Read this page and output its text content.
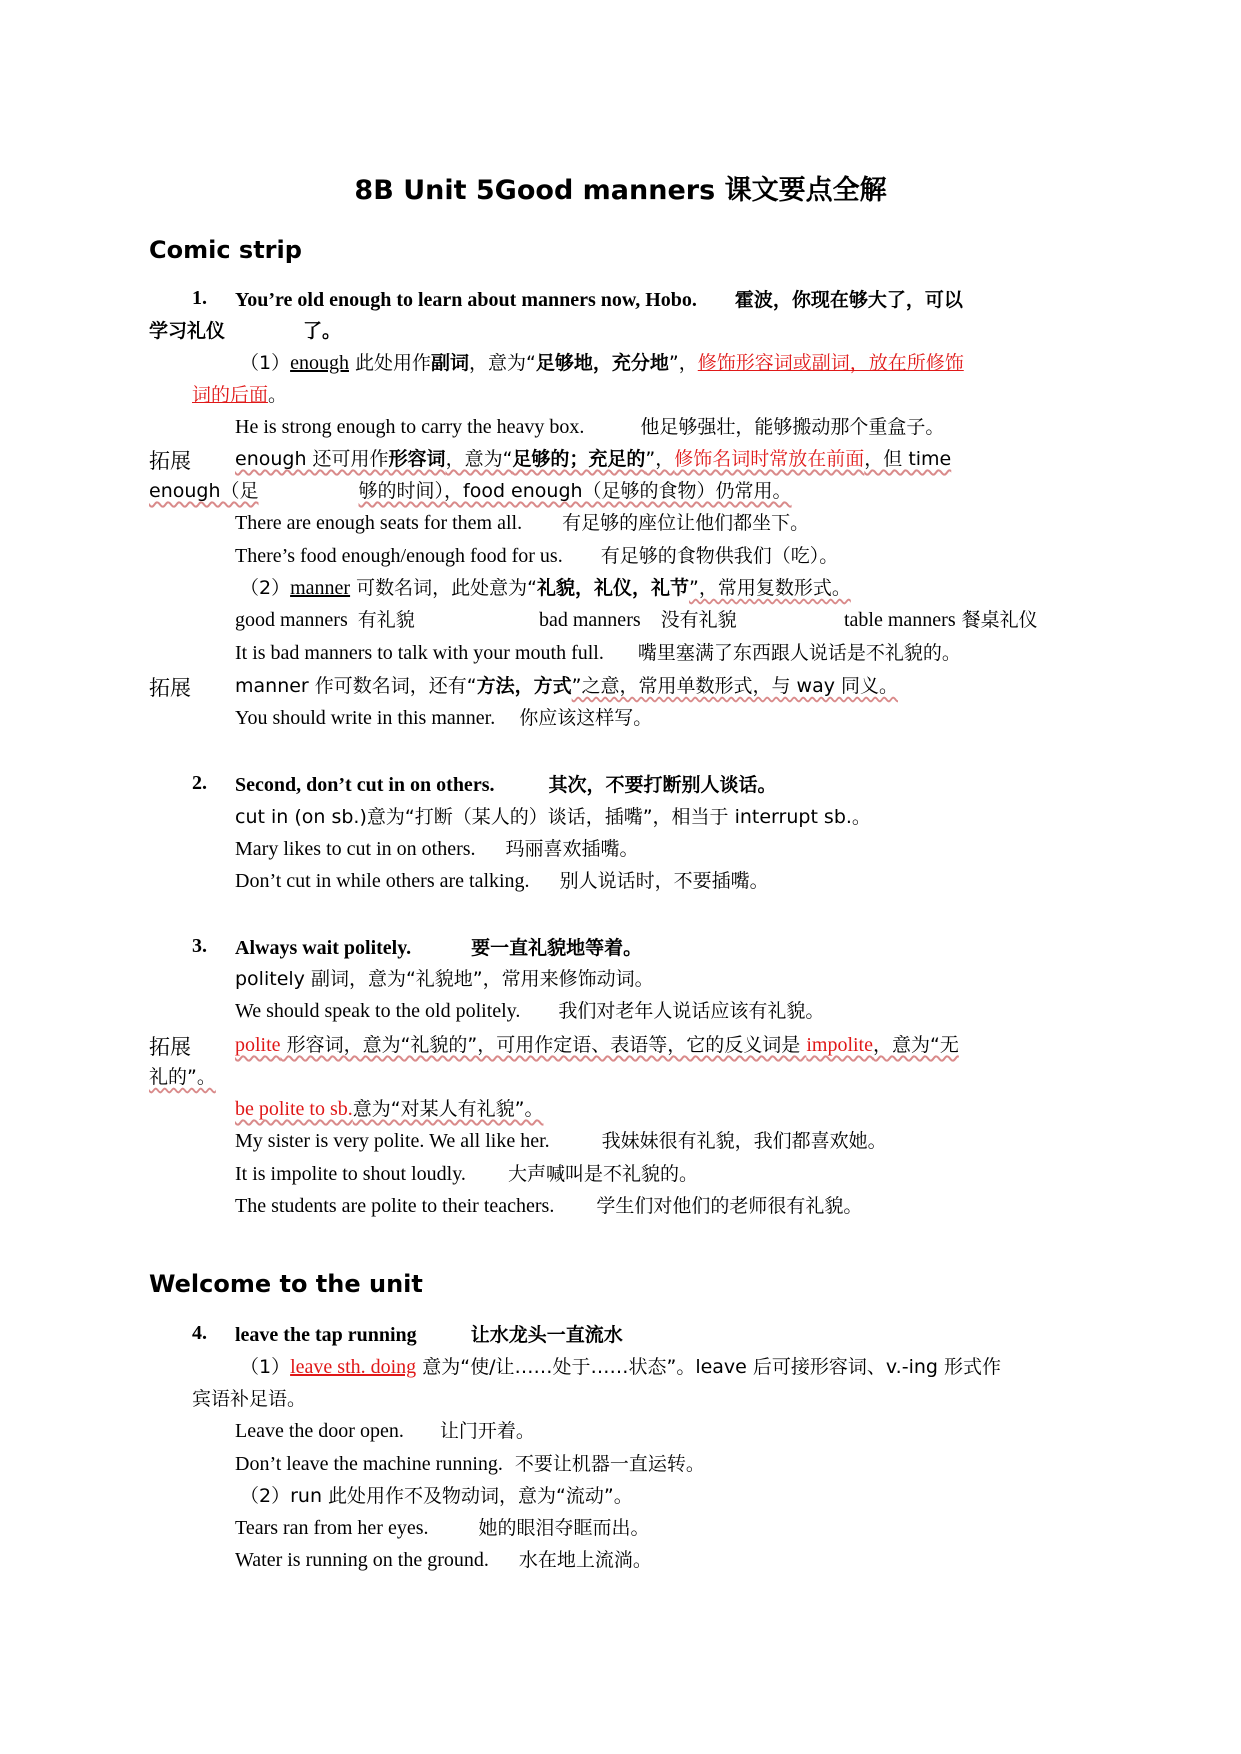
8B Unit 5Good manners 课文要点全解
Comic strip
1. You’re old enough to learn about manners now, Hobo. 霍波，你现在够大了，可以
学习礼仪	了。
（1）enough 此处用作副词，意为“足够地，充分地”，修饰形容词或副词，放在所修饰
词的后面。
He is strong enough to carry the heavy box.	他足够强壮，能够搬动那个重盒子。
拓展 enough 还可用作形容词，意为“足够的；充足的”，修饰名词时常放在前面，但 time
enough（足	够的时间），food enough（足够的食物）仍常用。
There are enough seats for them all. 有足够的座位让他们都坐下。
There’s food enough/enough food for us. 有足够的食物供我们（吃）。
（2）manner 可数名词，此处意为“礼貌，礼仪，礼节”，常用复数形式。
good manners 有礼貌	bad manners 没有礼貌	table manners 餐桌礼仪
It is bad manners to talk with your mouth full. 嘴里塞满了东西跟人说话是不礼貌的。
拓展 manner 作可数名词，还有“方法，方式”之意，常用单数形式，与 way 同义。
You should write in this manner. 你应该这样写。
2. Second, don’t cut in on others.	其次，不要打断别人谈话。
cut in (on sb.)意为“打断（某人的）谈话，插嘴”，相当于 interrupt sb.。
Mary likes to cut in on others. 玛丽喜欢插嘴。
Don’t cut in while others are talking. 别人说话时，不要插嘴。
3. Always wait politely.	要一直礼貌地等着。
politely 副词，意为“礼貌地”，常用来修饰动词。
We should speak to the old politely. 我们对老年人说话应该有礼貌。
拓展 polite 形容词，意为“礼貌的”，可用作定语、表语等，它的反义词是 impolite，意为“无
礼的”。
be polite to sb.意为“对某人有礼貌”。
My sister is very polite. We all like her.	我妹妹很有礼貌，我们都喜欢她。
It is impolite to shout loudly. 大声喊叫是不礼貌的。
The students are polite to their teachers. 学生们对他们的老师很有礼貌。
Welcome to the unit
4. leave the tap running	让水龙头一直流水
（1）leave sth. doing 意为“使/让……处于……状态”。leave 后可接形容词、v.-ing 形式作
宾语补足语。
Leave the door open. 让门开着。
Don’t leave the machine running. 不要让机器一直运转。
（2）run 此处用作不及物动词，意为“流动”。
Tears ran from her eyes.	她的眼泪夺眶而出。
Water is running on the ground. 水在地上流淌。
